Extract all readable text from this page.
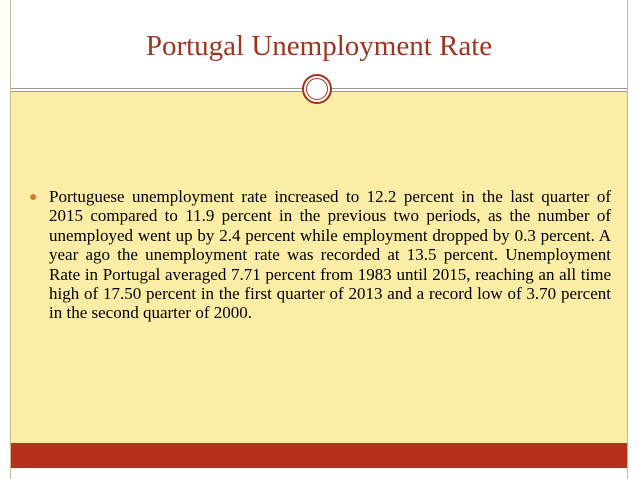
Portugal Unemployment Rate
● Portuguese unemployment rate increased to 12.2 percent in the last quarter of 2015 compared to 11.9 percent in the previous two periods, as the number of unemployed went up by 2.4 percent while employment dropped by 0.3 percent. A year ago the unemployment rate was recorded at 13.5 percent. Unemployment Rate in Portugal averaged 7.71 percent from 1983 until 2015, reaching an all time high of 17.50 percent in the first quarter of 2013 and a record low of 3.70 percent in the second quarter of 2000.
